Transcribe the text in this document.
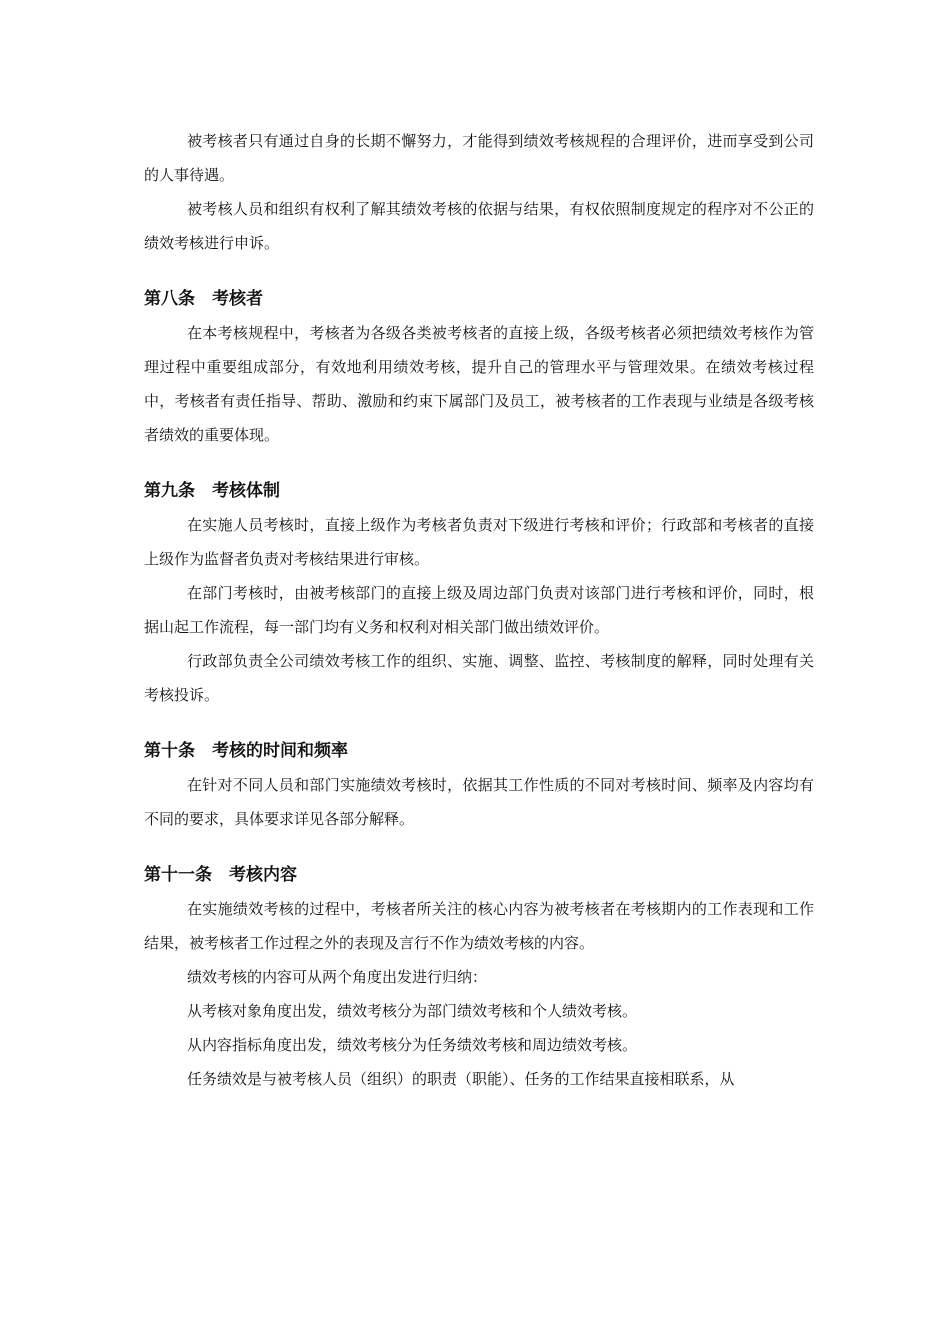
被考核者只有通过自身的长期不懈努力，才能得到绩效考核规程的合理评价，进而享受到公司的人事待遇。

被考核人员和组织有权利了解其绩效考核的依据与结果，有权依照制度规定的程序对不公正的绩效考核进行申诉。

第八条  考核者

在本考核规程中，考核者为各级各类被考核者的直接上级，各级考核者必须把绩效考核作为管理过程中重要组成部分，有效地利用绩效考核，提升自己的管理水平与管理效果。在绩效考核过程中，考核者有责任指导、帮助、激励和约束下属部门及员工，被考核者的工作表现与业绩是各级考核者绩效的重要体现。

第九条  考核体制

在实施人员考核时，直接上级作为考核者负责对下级进行考核和评价；行政部和考核者的直接上级作为监督者负责对考核结果进行审核。

在部门考核时，由被考核部门的直接上级及周边部门负责对该部门进行考核和评价，同时，根据山起工作流程，每一部门均有义务和权利对相关部门做出绩效评价。

行政部负责全公司绩效考核工作的组织、实施、调整、监控、考核制度的解释，同时处理有关考核投诉。

第十条  考核的时间和频率

在针对不同人员和部门实施绩效考核时，依据其工作性质的不同对考核时间、频率及内容均有不同的要求，具体要求详见各部分解释。

第十一条  考核内容

在实施绩效考核的过程中，考核者所关注的核心内容为被考核者在考核期内的工作表现和工作结果，被考核者工作过程之外的表现及言行不作为绩效考核的内容。

绩效考核的内容可从两个角度出发进行归纳：

从考核对象角度出发，绩效考核分为部门绩效考核和个人绩效考核。

从内容指标角度出发，绩效考核分为任务绩效考核和周边绩效考核。

任务绩效是与被考核人员（组织）的职责（职能）、任务的工作结果直接相联系，从
